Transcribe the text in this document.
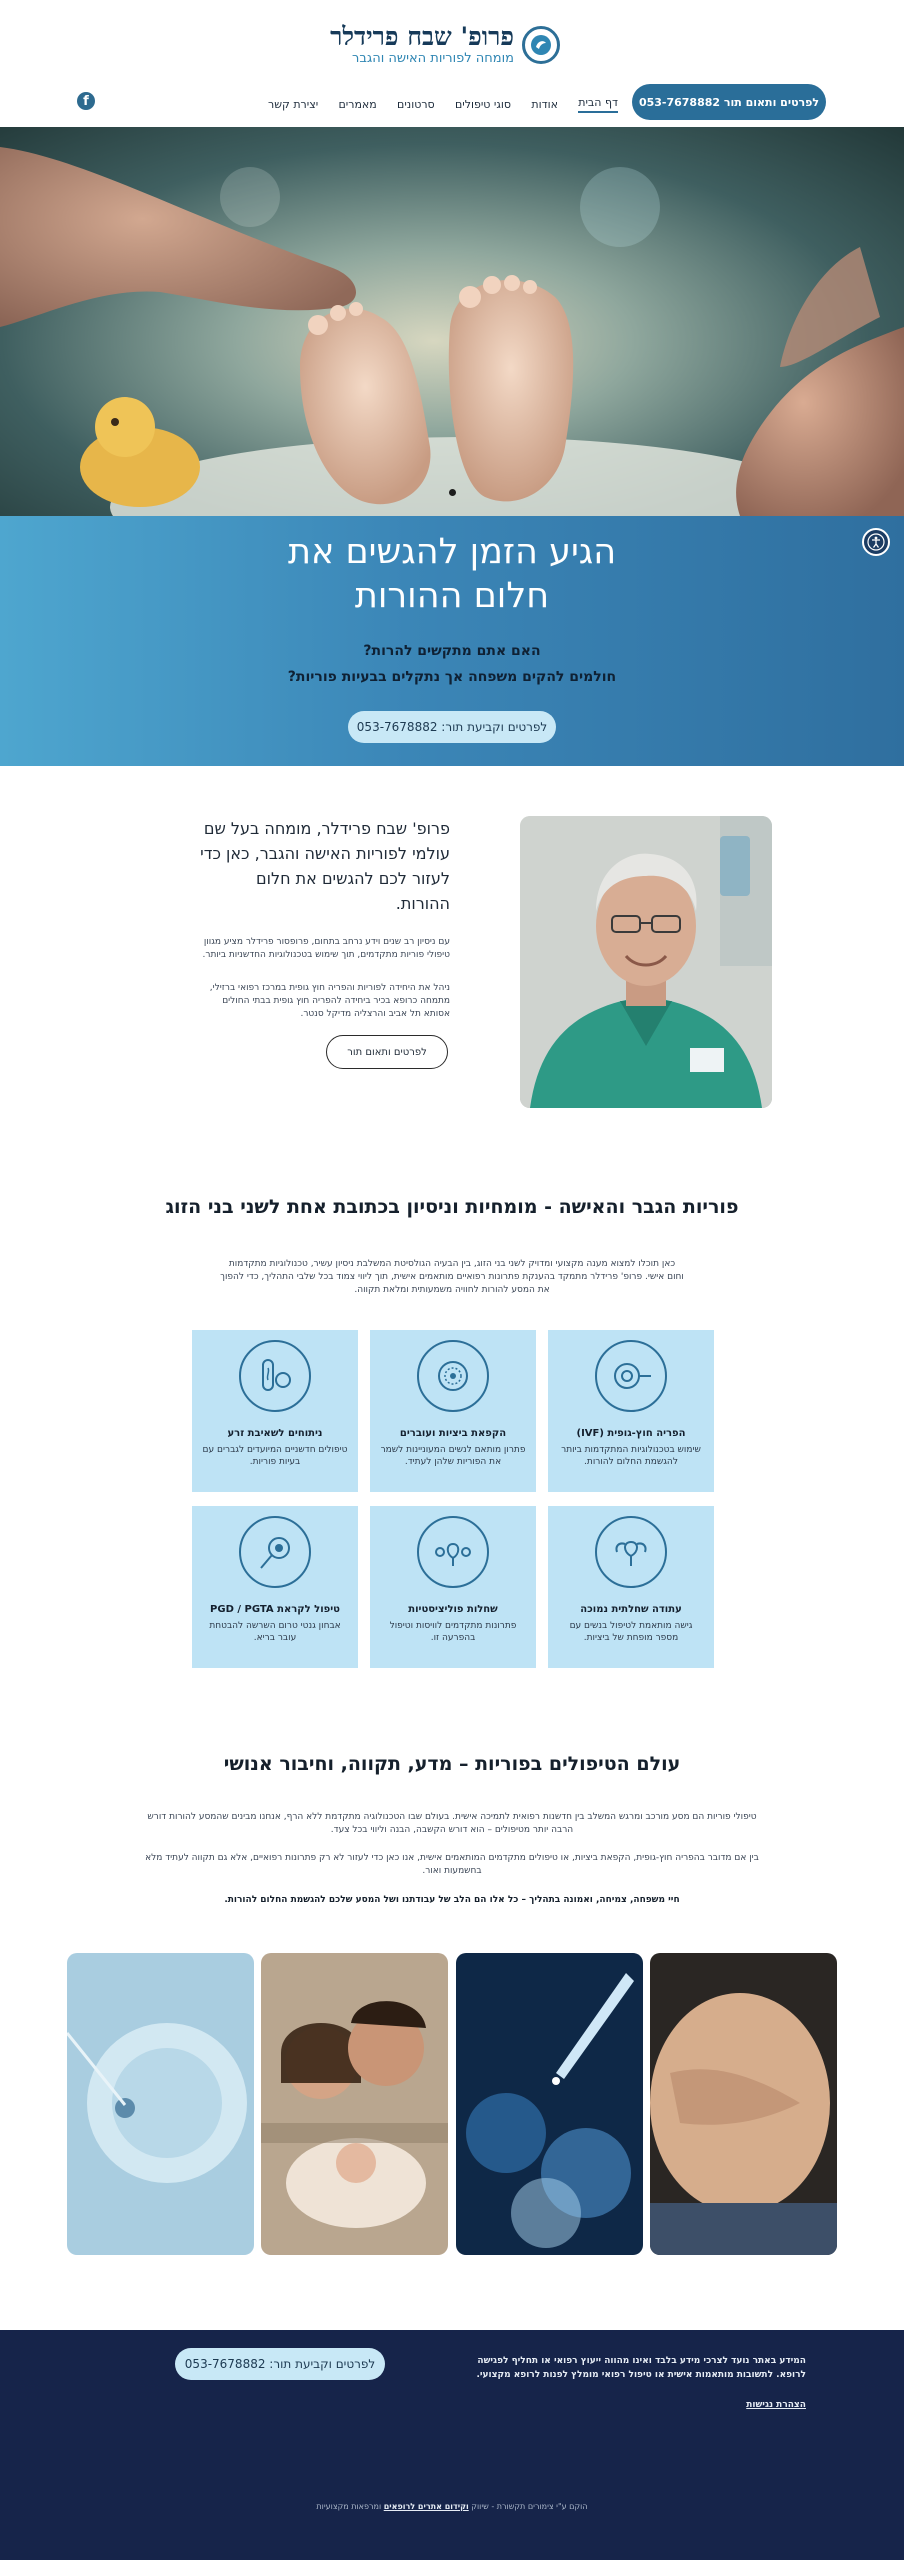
פרופ' שבח פרידלר
מומחה לפוריות האישה והגבר
לפרטים ותאום תור 053-7678882
דף הבית
אודות
סוגי טיפולים
סרטונים
מאמרים
יצירת קשר
f
הגיע הזמן להגשים את
חלום ההורות
האם אתם מתקשים להרות?
חולמים להקים משפחה אך נתקלים בבעיות פוריות?
לפרטים וקביעת תור: 053-7678882
פרופ' שבח פרידלר, מומחה בעל שם עולמי לפוריות האישה והגבר, כאן כדי לעזור לכם להגשים את חלום ההורות.

עם ניסיון רב שנים וידע נרחב בתחום, פרופסור פרידלר מציע מגוון טיפולי פוריות מתקדמים, תוך שימוש בטכנולוגיות החדשניות ביותר.

ניהל את היחידה לפוריות והפריה חוץ גופית במרכז רפואי ברזילי, מתמחה כרופא בכיר ביחידה להפריה חוץ גופית בבתי החולים אסותא תל אביב והרצליה מדיקל סנטר.

לפרטים ותאום תור
פוריות הגבר והאישה - מומחיות וניסיון בכתובת אחת לשני בני הזוג
כאן תוכלו למצוא מענה מקצועי ומדויק לשני בני הזוג, בין הבעיה הגולסיטת המשלבת ניסיון עשיר, טכנולוגיות מתקדמות וחום אישי. פרופ' פרידלר מתמקד בהענקת פתרונות רפואיים מותאמים אישית, תוך ליווי צמוד בכל שלבי התהליך, כדי להפוך את המסע להורות לחוויה משמעותית ומלאת תקווה.
הפריה חוץ-גופית (IVF)
שימוש בטכנולוגיות המתקדמות ביותר להגשמת החלום להורות.
הקפאת ביציות ועוברים
פתרון מותאם לנשים המעוניינות לשמר את הפוריות שלהן לעתיד.
ניתוחים לשאיבת זרע
טיפולים חדשניים המיועדים לגברים עם בעיות פוריות.
עתודה שחלתית נמוכה
גישה מותאמת לטיפול בנשים עם מספר מופחת של ביציות.
שחלות פוליציסטיות
פתרונות מתקדמים לוויסות וטיפול בהפרעה זו.
טיפול לקראת PGD / PGTA
אבחון גנטי טרום השרשה להבטחת עובר בריא.
עולם הטיפולים בפוריות – מדע, תקווה, וחיבור אנושי

טיפולי פוריות הם מסע מורכב ומרגש המשלב בין חדשנות רפואית לתמיכה אישית. בעולם שבו הטכנולוגיה מתקדמת ללא הרף, אנחנו מבינים שהמסע להורות דורש הרבה יותר מטיפולים – הוא דורש הקשבה, הבנה וליווי בכל צעד.

בין אם מדובר בהפריה חוץ-גופית, הקפאת ביציות, או טיפולים מתקדמים המותאמים אישית, אנו כאן כדי לעזור לא רק פתרונות רפואיים, אלא גם תקווה לעתיד מלא בחשמעות ואור.

חיי משפחה, צמיחה, ואמונה בתהליך – כל אלו הם הלב של עבודתנו ושל המסע שלכם להגשמת החלום להורות.

המידע באתר נועד לצרכי מידע בלבד ואינו מהווה ייעוץ רפואי או תחליף לפגישה לרופא. לתשובות מותאמות אישית או טיפול רפואי מומלץ לפנות לרופא מקצועי.
הצהרת נגישות
לפרטים וקביעת תור: 053-7678882
הוקם ע"י צימורים תקשורת - שיווק וקידום אתרים לרופאים ומרפאות מקצועיות
